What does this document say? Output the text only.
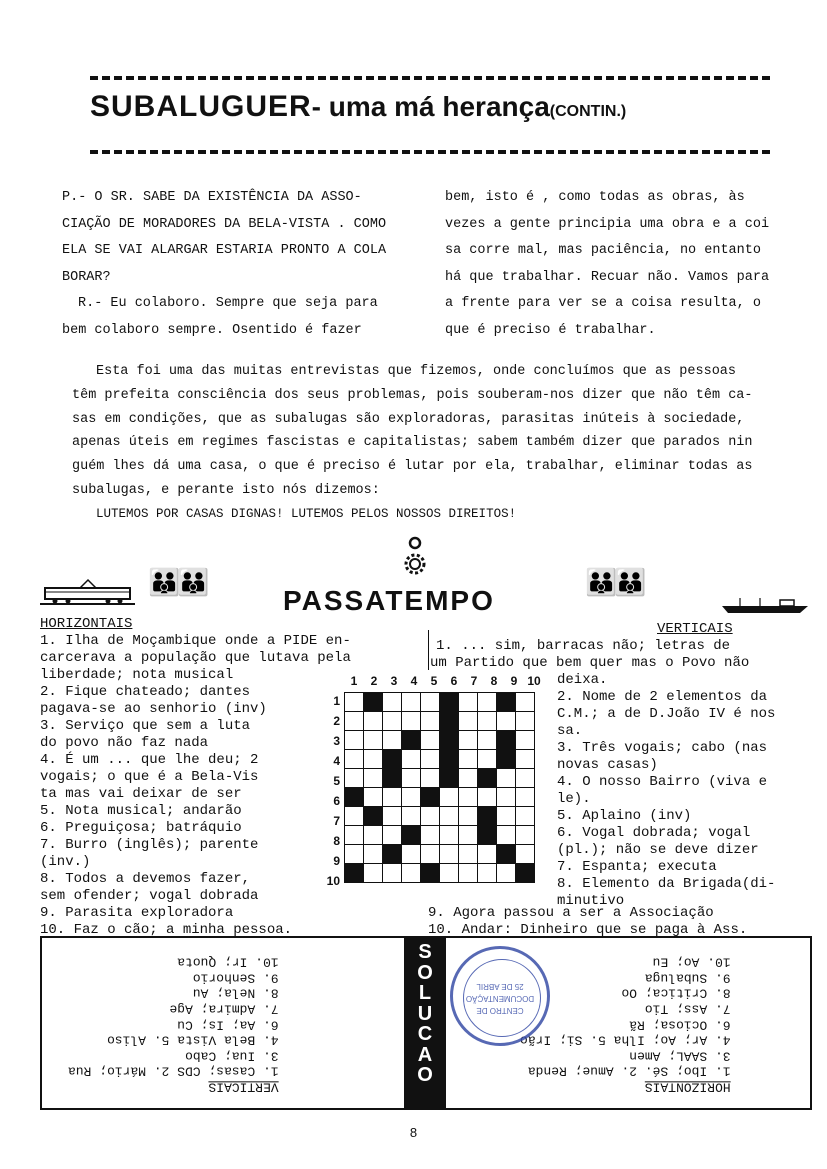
SUBALUGUER- uma má herança(CONTIN.)

P.- O SR. SABE DA EXISTÊNCIA DA ASSO-

CIAÇÃO DE MORADORES DA BELA-VISTA . COMO

ELA SE VAI ALARGAR ESTARIA PRONTO A COLA

BORAR?

R.- Eu colaboro. Sempre que seja para

bem colaboro sempre. Osentido é fazer

bem, isto é , como todas as obras, às

vezes a gente principia uma obra e a coi

sa corre mal, mas paciência, no entanto

há que trabalhar. Recuar não. Vamos para

a frente para ver se a coisa resulta, o

que é preciso é trabalhar.

Esta foi uma das muitas entrevistas que fizemos, onde concluímos que as pessoas

têm prefeita consciência dos seus problemas, pois souberam-nos dizer que não têm ca-

sas em condições, que as subalugas são exploradoras, parasitas inúteis à sociedade,

apenas úteis em regimes fascistas e capitalistas; sabem também dizer que parados nin

guém lhes dá uma casa, o que é preciso é lutar por ela, trabalhar, eliminar todas as

subalugas, e perante isto nós dizemos:

LUTEMOS POR CASAS DIGNAS! LUTEMOS PELOS NOSSOS DIREITOS!

👪👪
PASSATEMPO
👪👪

HORIZONTAIS

1. Ilha de Moçambique onde a PIDE en-

carcerava a população que lutava pela

liberdade; nota musical

2. Fique chateado; dantes

pagava-se ao senhorio (inv)

3. Serviço que sem a luta

do povo não faz nada

4. É um ... que lhe deu; 2

vogais; o que é a Bela-Vis

ta mas vai deixar de ser

5. Nota musical; andarão

6. Preguiçosa; batráquio

7. Burro (inglês); parente

(inv.)

8. Todos a devemos fazer,

sem ofender; vogal dobrada

9. Parasita exploradora

10. Faz o cão; a minha pessoa.

VERTICAIS

1. ... sim, barracas não; letras de

um Partido que bem quer mas o Povo não

deixa.

2. Nome de 2 elementos da

C.M.; a de D.João IV é nos

sa.

3. Três vogais; cabo (nas

novas casas)

4. O nosso Bairro (viva e

le).

5. Aplaino (inv)

6. Vogal dobrada; vogal

(pl.); não se deve dizer

7. Espanta; executa

8. Elemento da Brigada(di-

minutivo

9. Agora passou a ser a Associação

10. Andar: Dinheiro que se paga à Ass.

1	2	3	4	5	6	7	8	9 10
1
2
3
4
5
6
7
8
9
10

VERTICAIS

1. Casas; CDS 2. Mário; Rua

3. Iua; Cabo

4. Bela Vista 5. Aliso

6. Aa; Is; Cu

7. Admira; Age

8. Nela; Au

9. Senhorio

10. Ir; Quota	S
O
L
U
C
A
O

HORIZONTAIS

1. Ibo; Sé. 2. Amue; Renda

3. SAAL; Amen

4. Ar; Ao; Ilha 5. Si; Irão

6. Ociosa; Rã

7. Ass; Tio

8. Critica; Oo

9. Subaluga

10. Ao; Eu

CENTRO DE
DOCUMENTAÇÃO
25 DE ABRIL
8
